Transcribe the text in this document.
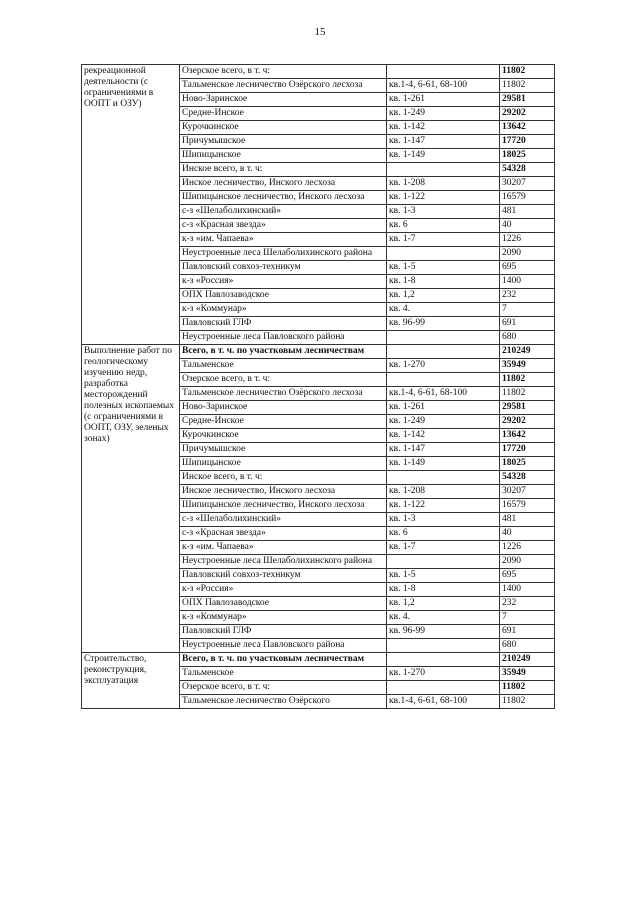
15
рекреационной деятельности (с ограничениями в ООПТ и ОЗУ)	Озерское всего, в т. ч:		11802
	Тальменское лесничество Озёрского лесхоза	кв.1-4, 6-61, 68-100	11802
	Ново-Заринское	кв. 1-261	29581
	Средне-Инское	кв. 1-249	29202
	Курочкинское	кв. 1-142	13642
	Причумышское	кв. 1-147	17720
	Шипицынское	кв. 1-149	18025
	Инское всего, в т. ч:		54328
	Инское лесничество, Инского лесхоза	кв. 1-208	30207
	Шипицынское лесничество, Инского лесхоза	кв. 1-122	16579
	с-з «Шелаболихинский»	кв. 1-3	481
	с-з «Красная звезда»	кв. 6	40
	к-з «им. Чапаева»	кв. 1-7	1226
	Неустроенные леса Шелаболихинского района		2090
	Павловский совхоз-техникум	кв. 1-5	695
	к-з «Россия»	кв. 1-8	1400
	ОПХ Павлозаводское	кв. 1,2	232
	к-з «Коммунар»	кв. 4.	7
	Павловский ГЛФ	кв. 96-99	691
	Неустроенные леса Павловского района		680
Выполнение работ по геологическому изучению недр, разработка месторождений полезных ископаемых (с ограничениями в ООПТ, ОЗУ, зеленых зонах)	Всего, в т. ч. по участковым лесничествам		210249
	Тальменское	кв. 1-270	35949
	Озерское всего, в т. ч:		11802
	Тальменское лесничество Озёрского лесхоза	кв.1-4, 6-61, 68-100	11802
	Ново-Заринское	кв. 1-261	29581
	Средне-Инское	кв. 1-249	29202
	Курочкинское	кв. 1-142	13642
	Причумышское	кв. 1-147	17720
	Шипицынское	кв. 1-149	18025
	Инское всего, в т. ч:		54328
	Инское лесничество, Инского лесхоза	кв. 1-208	30207
	Шипицынское лесничество, Инского лесхоза	кв. 1-122	16579
	с-з «Шелаболихинский»	кв. 1-3	481
	с-з «Красная звезда»	кв. 6	40
	к-з «им. Чапаева»	кв. 1-7	1226
	Неустроенные леса Шелаболихинского района		2090
	Павловский совхоз-техникум	кв. 1-5	695
	к-з «Россия»	кв. 1-8	1400
	ОПХ Павлозаводское	кв. 1,2	232
	к-з «Коммунар»	кв. 4.	7
	Павловский ГЛФ	кв. 96-99	691
	Неустроенные леса Павловского района		680
Строительство, реконструкция, эксплуатация	Всего, в т. ч. по участковым лесничествам		210249
	Тальменское	кв. 1-270	35949
	Озерское всего, в т. ч:		11802
	Тальменское лесничество Озёрского	кв.1-4, 6-61, 68-100	11802
